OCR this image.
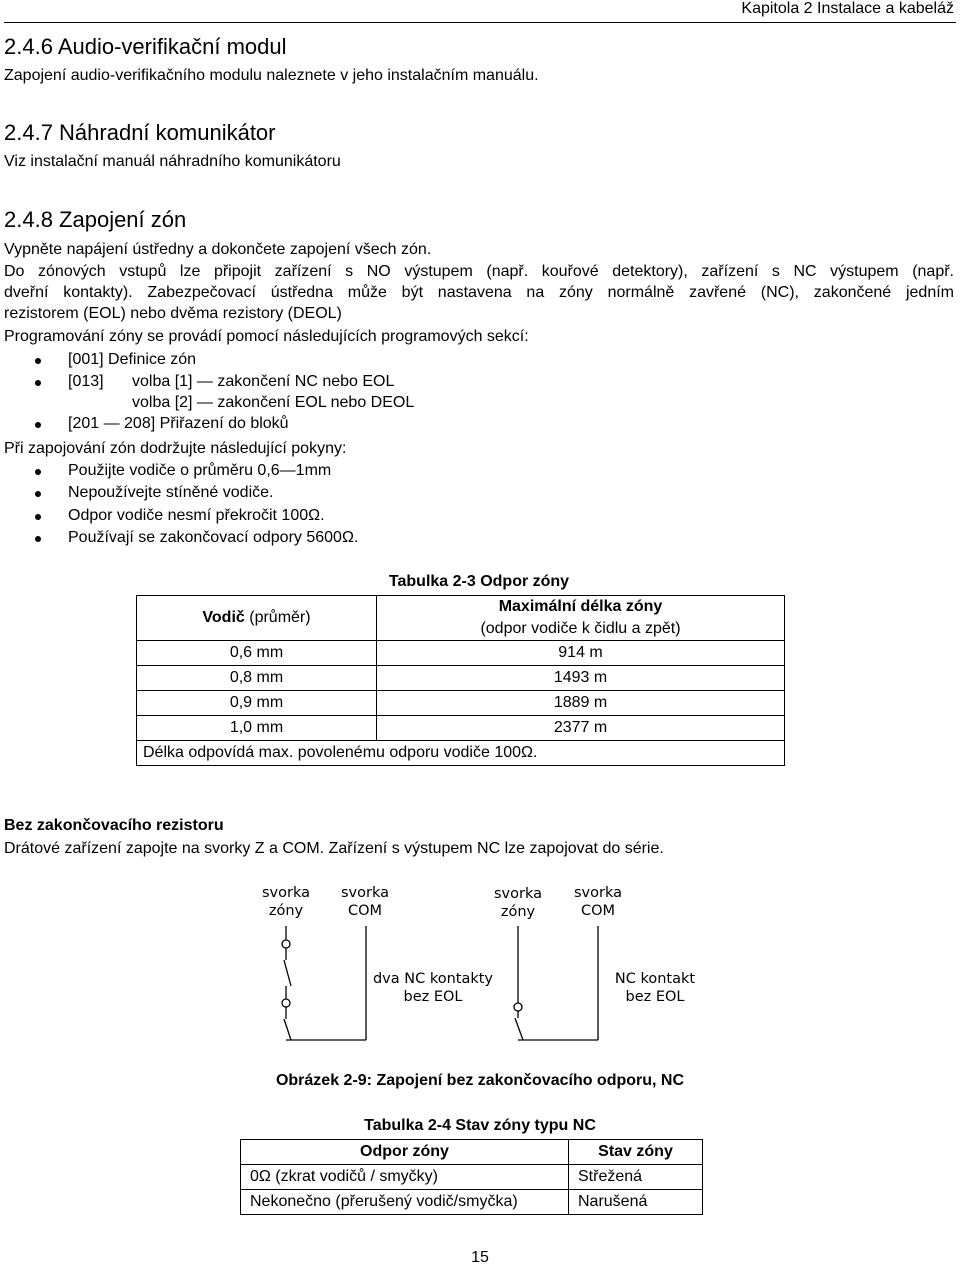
Kapitola 2 Instalace a kabeláž
2.4.6 Audio-verifikační modul
Zapojení audio-verifikačního modulu naleznete v jeho instalačním manuálu.
2.4.7 Náhradní komunikátor
Viz instalační manuál náhradního komunikátoru
2.4.8 Zapojení zón
Vypněte napájení ústředny a dokončete zapojení všech zón.
Do zónových vstupů lze připojit zařízení s NO výstupem (např. kouřové detektory), zařízení s NC výstupem (např.
dveřní kontakty). Zabezpečovací ústředna může být nastavena na zóny normálně zavřené (NC), zakončené jedním
rezistorem (EOL) nebo dvěma rezistory (DEOL)
Programování zóny se provádí pomocí následujících programových sekcí:
[001] Definice zón
[013] volba [1] — zakončení NC nebo EOL
volba [2] — zakončení EOL nebo DEOL
[201 — 208] Přiřazení do bloků
Při zapojování zón dodržujte následující pokyny:
Použijte vodiče o průměru 0,6—1mm
Nepoužívejte stíněné vodiče.
Odpor vodiče nesmí překročit 100Ω.
Používají se zakončovací odpory 5600Ω.
Tabulka 2-3 Odpor zóny
Vodič (průměr)	Maximální délka zóny
(odpor vodiče k čidlu a zpět)

0,6 mm	914 m
0,8 mm	1493 m
0,9 mm	1889 m
1,0 mm	2377 m
Délka odpovídá max. povolenému odporu vodiče 100Ω.	
Bez zakončovacího rezistoru
Drátové zařízení zapojte na svorky Z a COM. Zařízení s výstupem NC lze zapojovat do série.
svorka
zóny
svorka
COM
dva NC kontakty
bez EOL
svorka
zóny
svorka
COM
NC kontakt
bez EOL
Obrázek 2-9: Zapojení bez zakončovacího odporu, NC
Tabulka 2-4 Stav zóny typu NC
Odpor zóny	Stav zóny
0Ω (zkrat vodičů / smyčky)	Střežená
Nekonečno (přerušený vodič/smyčka)	Narušená
15
